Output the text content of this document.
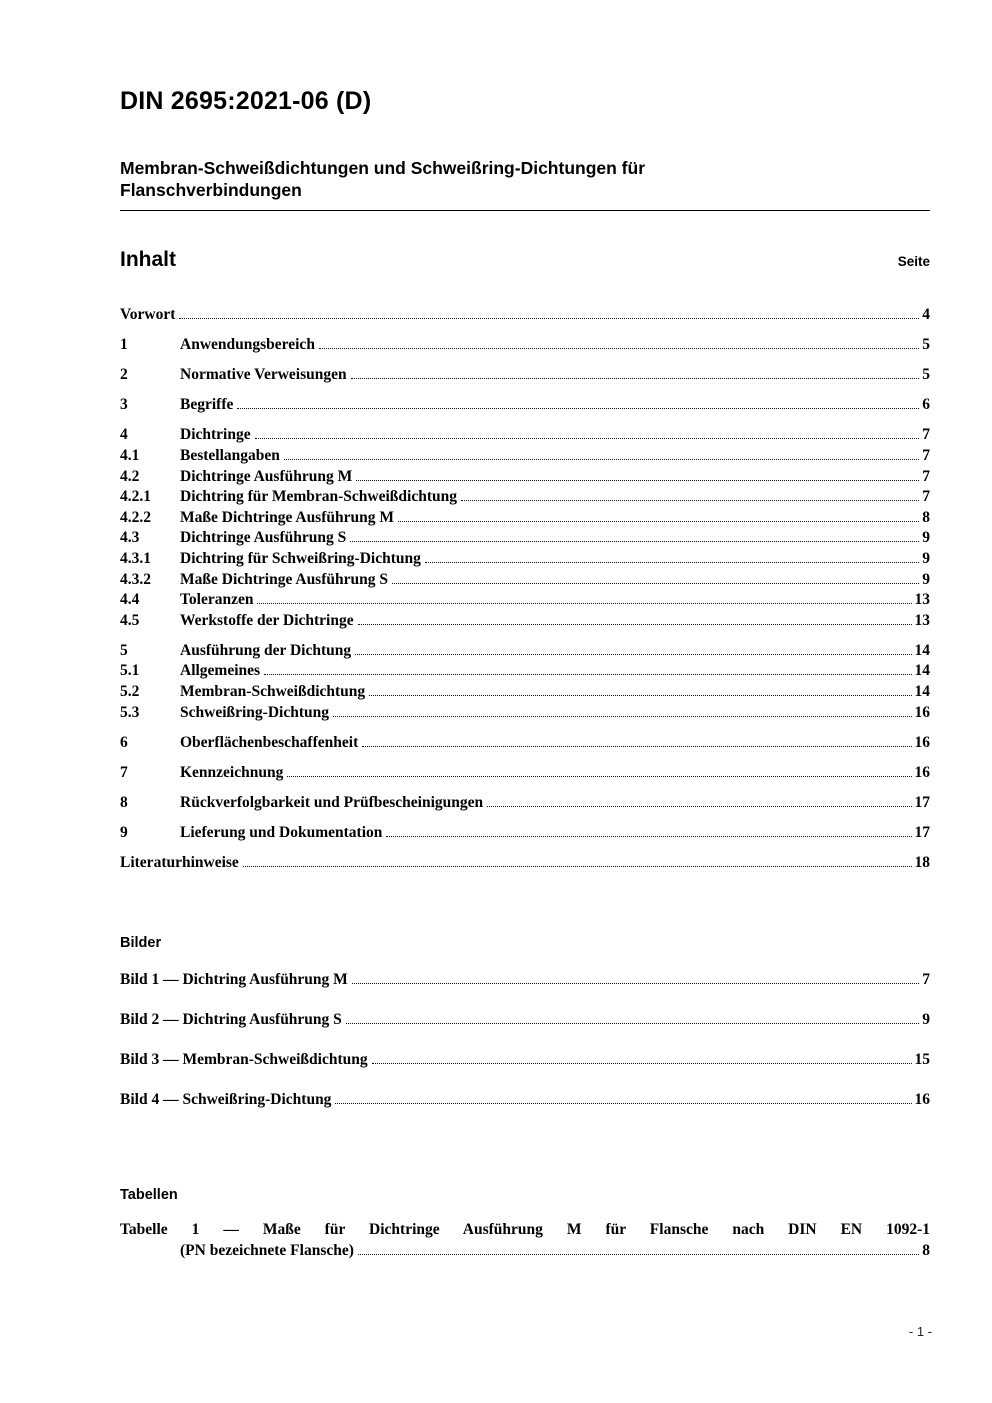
DIN 2695:2021-06 (D)
Membran-Schweißdichtungen und Schweißring-Dichtungen für
Flanschverbindungen
Inhalt	Seite
Vorwort	4
1	Anwendungsbereich	5
2	Normative Verweisungen	5
3	Begriffe	6
4	Dichtringe	7
4.1	Bestellangaben	7
4.2	Dichtringe Ausführung M	7
4.2.1	Dichtring für Membran-Schweißdichtung	7
4.2.2	Maße Dichtringe Ausführung M	8
4.3	Dichtringe Ausführung S	9
4.3.1	Dichtring für Schweißring-Dichtung	9
4.3.2	Maße Dichtringe Ausführung S	9
4.4	Toleranzen	13
4.5	Werkstoffe der Dichtringe	13
5	Ausführung der Dichtung	14
5.1	Allgemeines	14
5.2	Membran-Schweißdichtung	14
5.3	Schweißring-Dichtung	16
6	Oberflächenbeschaffenheit	16
7	Kennzeichnung	16
8	Rückverfolgbarkeit und Prüfbescheinigungen	17
9	Lieferung und Dokumentation	17
Literaturhinweise	18
Bilder
Bild 1 — Dichtring Ausführung M	7
Bild 2 — Dichtring Ausführung S	9
Bild 3 — Membran-Schweißdichtung	15
Bild 4 — Schweißring-Dichtung	16
Tabellen
Tabelle 1 — Maße für Dichtringe Ausführung M für Flansche nach DIN EN 1092-1
(PN bezeichnete Flansche)	8
- 1 -
